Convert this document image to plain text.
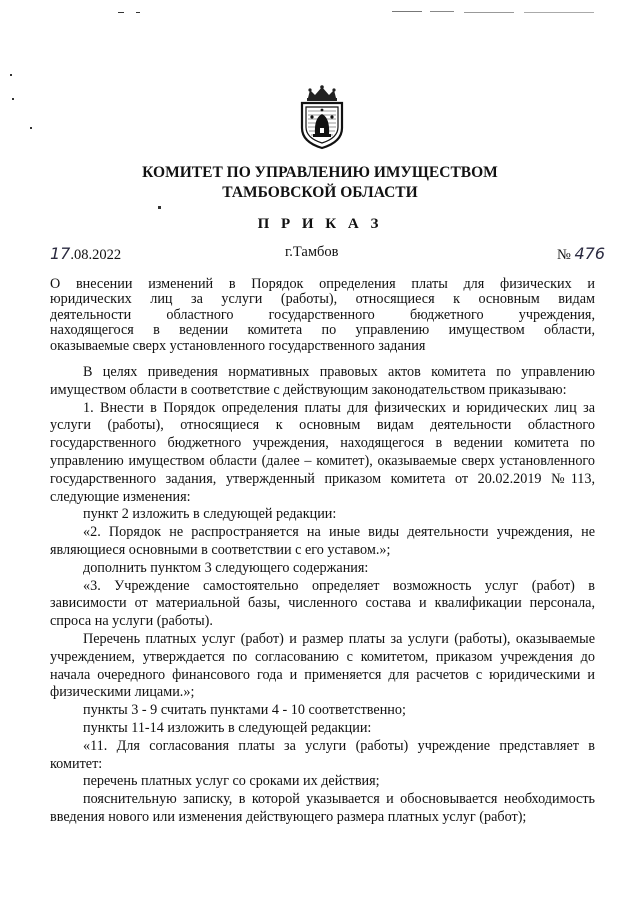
КОМИТЕТ ПО УПРАВЛЕНИЮ ИМУЩЕСТВОМ
ТАМБОВСКОЙ ОБЛАСТИ
П Р И К А З
17.08.2022	г.Тамбов	№ 476
О внесении изменений в Порядок определения платы для физических и
юридических лиц за услуги (работы), относящиеся к основным видам
деятельности областного государственного бюджетного учреждения,
находящегося в ведении комитета по управлению имуществом области,
оказываемые сверх установленного государственного задания

В целях приведения нормативных правовых актов комитета по управлению имуществом области в соответствие с действующим законодательством приказываю:

1. Внести в Порядок определения платы для физических и юридических лиц за услуги (работы), относящиеся к основным видам деятельности областного государственного бюджетного учреждения, находящегося в ведении комитета по управлению имуществом области (далее – комитет), оказываемые сверх установленного государственного задания, утвержденный приказом комитета от 20.02.2019 №113, следующие изменения:

пункт 2 изложить в следующей редакции:

«2. Порядок не распространяется на иные виды деятельности учреждения, не являющиеся основными в соответствии с его уставом.»;

дополнить пунктом 3 следующего содержания:

«3. Учреждение самостоятельно определяет возможность услуг (работ) в зависимости от материальной базы, численного состава и квалификации персонала, спроса на услуги (работы).

Перечень платных услуг (работ) и размер платы за услуги (работы), оказываемые учреждением, утверждается по согласованию с комитетом, приказом учреждения до начала очередного финансового года и применяется для расчетов с юридическими и физическими лицами.»;

пункты 3 - 9 считать пунктами 4 - 10 соответственно;

пункты 11-14 изложить в следующей редакции:

«11. Для согласования платы за услуги (работы) учреждение представляет в комитет:

перечень платных услуг со сроками их действия;

пояснительную записку, в которой указывается и обосновывается необходимость введения нового или изменения действующего размера платных услуг (работ);
